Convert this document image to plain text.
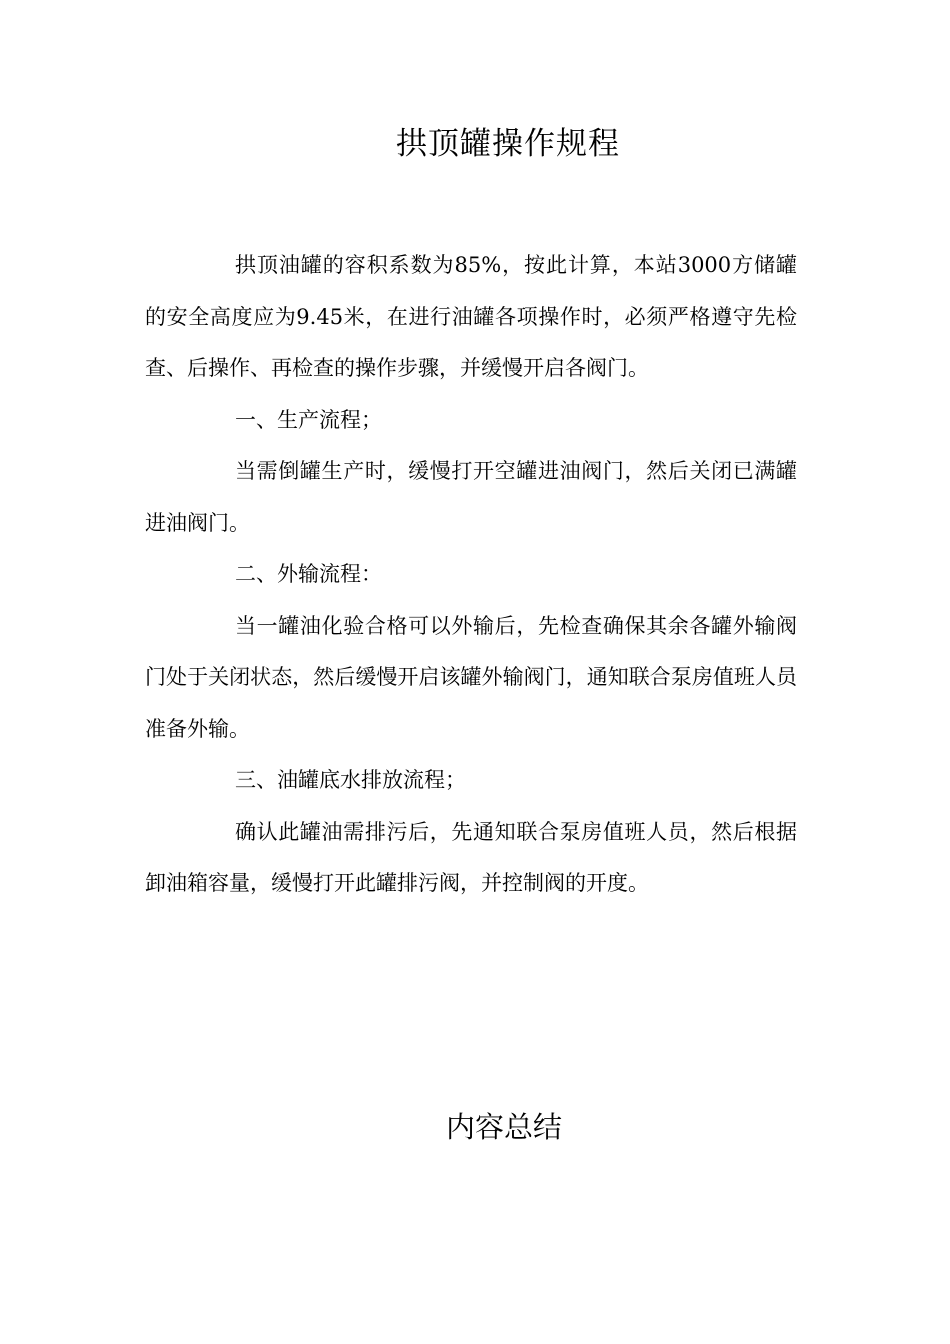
拱顶罐操作规程

拱顶油罐的容积系数为85%，按此计算，本站3000方储罐的安全高度应为9.45米，在进行油罐各项操作时，必须严格遵守先检查、后操作、再检查的操作步骤，并缓慢开启各阀门。

一、生产流程；

当需倒罐生产时，缓慢打开空罐进油阀门，然后关闭已满罐进油阀门。

二、外输流程：

当一罐油化验合格可以外输后，先检查确保其余各罐外输阀门处于关闭状态，然后缓慢开启该罐外输阀门，通知联合泵房值班人员准备外输。

三、油罐底水排放流程；

确认此罐油需排污后，先通知联合泵房值班人员，然后根据卸油箱容量，缓慢打开此罐排污阀，并控制阀的开度。

内容总结
